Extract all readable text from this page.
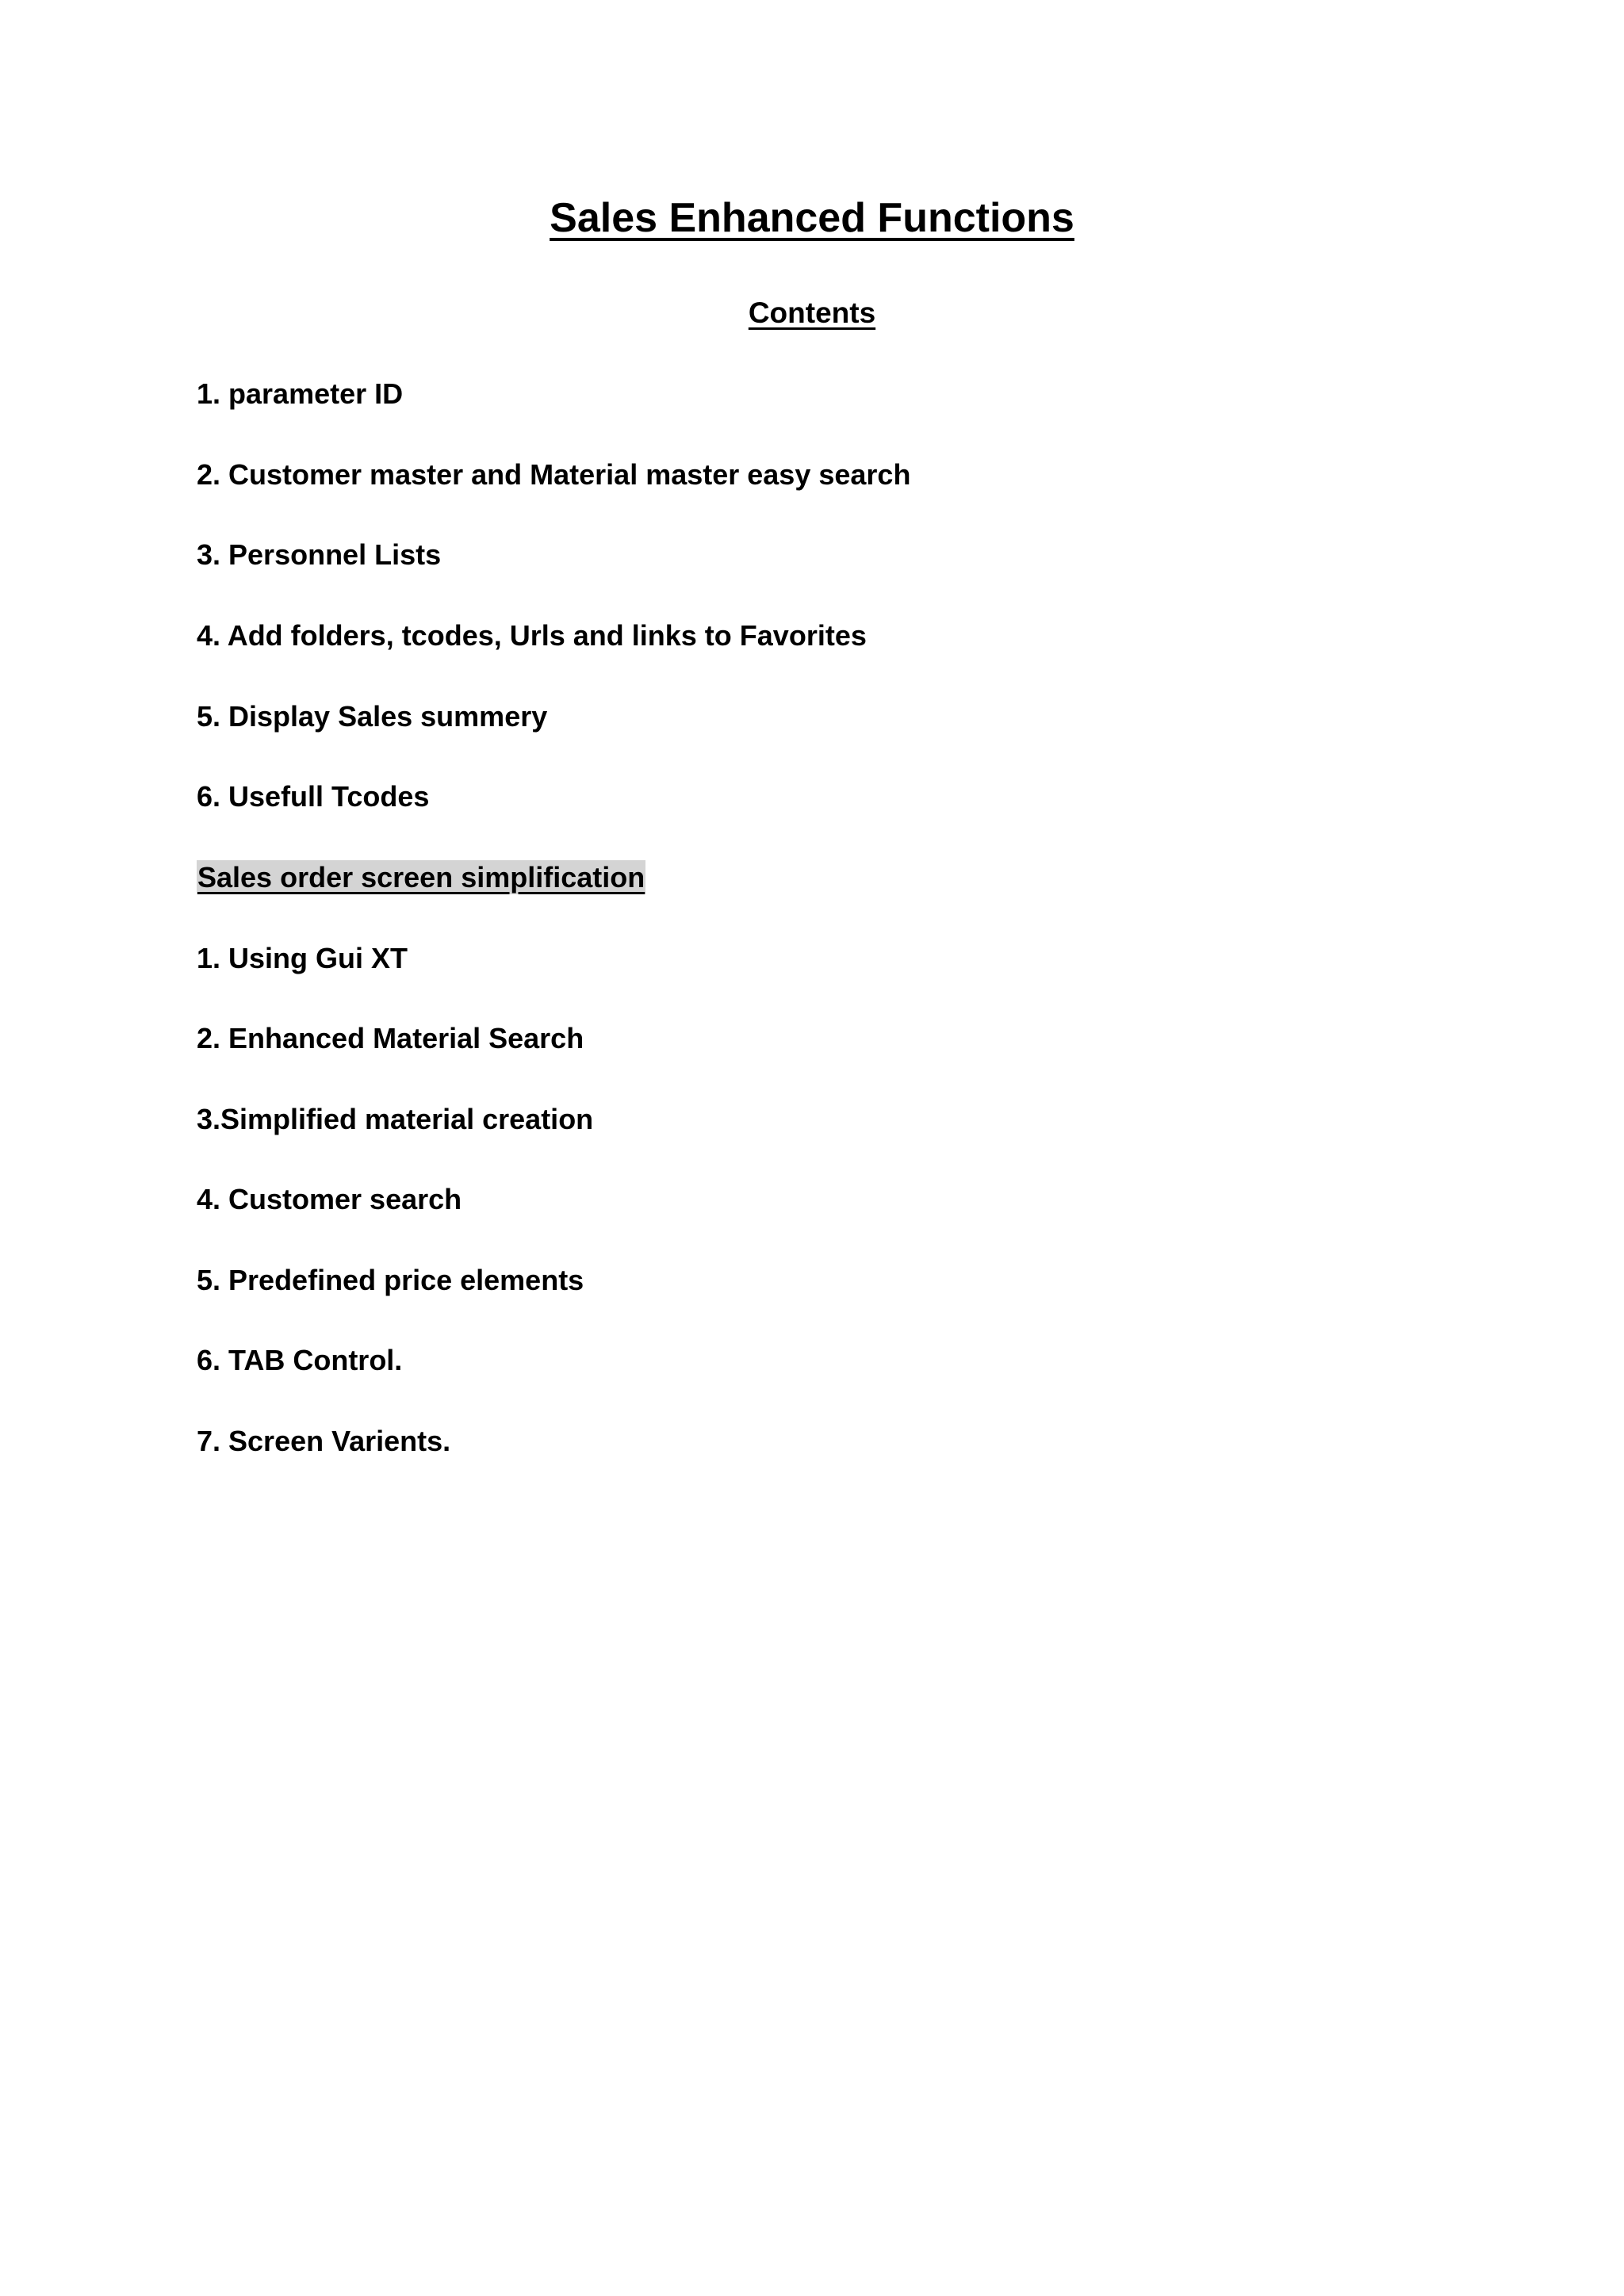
Sales Enhanced Functions
Contents
1. parameter ID
2. Customer master and Material master easy search
3. Personnel Lists
4. Add folders, tcodes, Urls and links to Favorites
5. Display Sales summery
6. Usefull Tcodes
Sales order screen simplification
1. Using Gui XT
2. Enhanced Material Search
3.Simplified material creation
4. Customer search
5. Predefined price elements
6. TAB Control.
7. Screen Varients.
